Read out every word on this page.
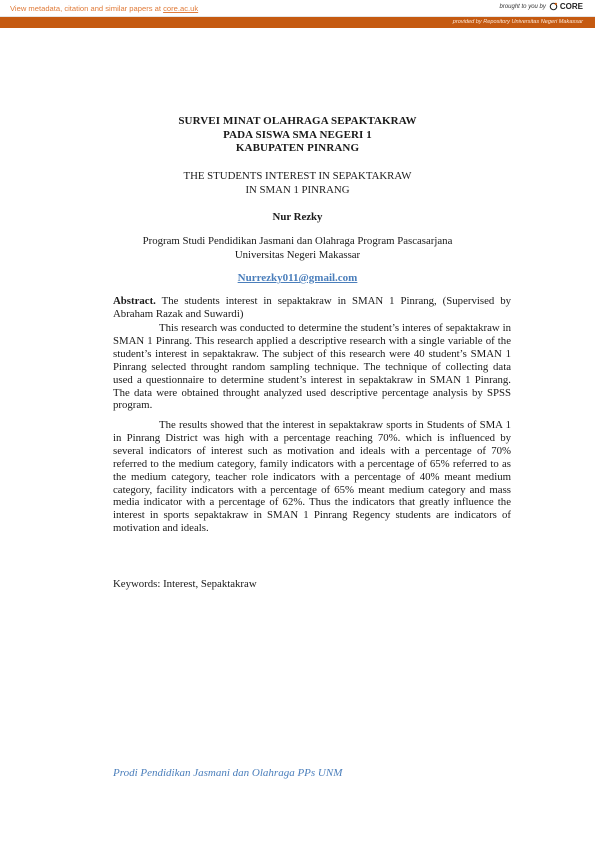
View metadata, citation and similar papers at core.ac.uk	brought to you by CORE
provided by Repository Universitas Negeri Makassar
SURVEI MINAT OLAHRAGA SEPAKTAKRAW
PADA SISWA SMA NEGERI 1
KABUPATEN PINRANG
THE STUDENTS INTEREST IN SEPAKTAKRAW
IN SMAN 1 PINRANG
Nur Rezky
Program Studi Pendidikan Jasmani dan Olahraga Program Pascasarjana
Universitas Negeri Makassar
Nurrezky011@gmail.com

Abstract. The students interest in sepaktakraw in SMAN 1 Pinrang, (Supervised by Abraham Razak and Suwardi)

This research was conducted to determine the student’s interes of sepaktakraw in SMAN 1 Pinrang. This research applied a descriptive research with a single variable of the student’s interest in sepaktakraw. The subject of this research were 40 student’s SMAN 1 Pinrang selected throught random sampling technique. The technique of collecting data used a questionnaire to determine student’s interest in sepaktakraw in SMAN 1 Pinrang. The data were obtained throught analyzed used descriptive percentage analysis by SPSS program.

The results showed that the interest in sepaktakraw sports in Students of SMA 1 in Pinrang District was high with a percentage reaching 70%. which is influenced by several indicators of interest such as motivation and ideals with a percentage of 70% referred to the medium category, family indicators with a percentage of 65% referred to as the medium category, teacher role indicators with a percentage of 40% meant medium category, facility indicators with a percentage of 65% meant medium category and mass media indicator with a percentage of 62%. Thus the indicators that greatly influence the interest in sports sepaktakraw in SMAN 1 Pinrang Regency students are indicators of motivation and ideals.

Keywords: Interest, Sepaktakraw
Prodi Pendidikan Jasmani dan Olahraga PPs UNM
